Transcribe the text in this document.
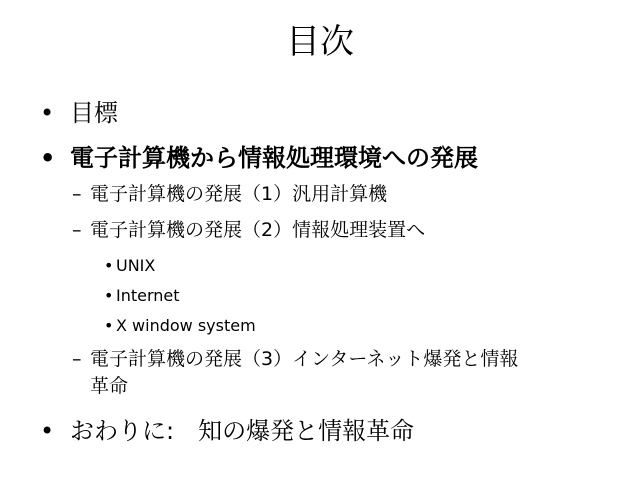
目次
• 目標
• 電子計算機から情報処理環境への発展
– 電子計算機の発展（1）汎用計算機
– 電子計算機の発展（2）情報処理装置へ
• UNIX
• Internet
• X window system
– 電子計算機の発展（3）インターネット爆発と情報
革命
• おわりに:　知の爆発と情報革命
